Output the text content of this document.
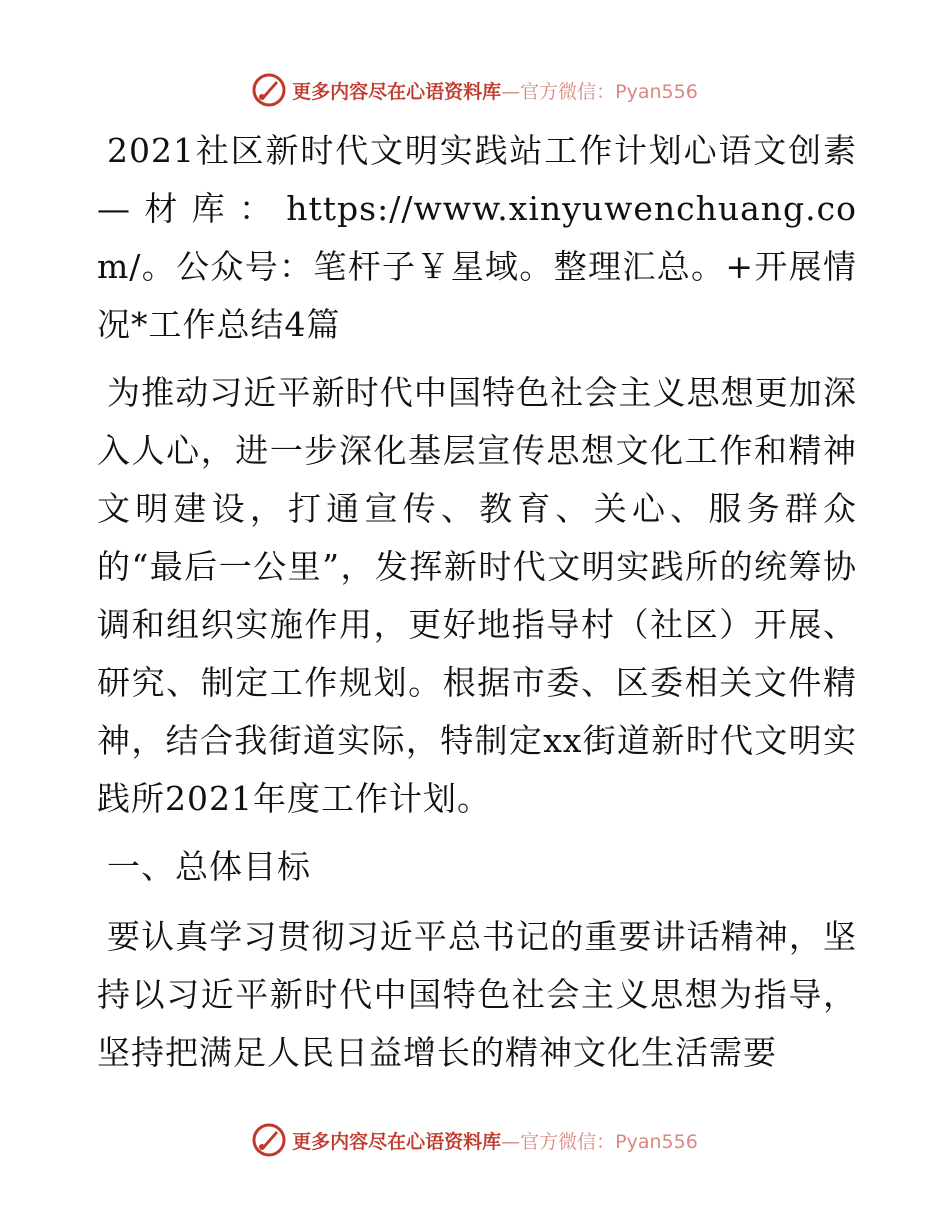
更多内容尽在心语资料库—官方微信：Pyan556

2021社区新时代文明实践站工作计划心语文创素—材库：https://www.xinyuwenchuang.com/。公众号：笔杆子￥星域。整理汇总。+开展情况*工作总结4篇

为推动习近平新时代中国特色社会主义思想更加深入人心，进一步深化基层宣传思想文化工作和精神文明建设，打通宣传、教育、关心、服务群众的“最后一公里”，发挥新时代文明实践所的统筹协调和组织实施作用，更好地指导村（社区）开展、研究、制定工作规划。根据市委、区委相关文件精神，结合我街道实际，特制定xx街道新时代文明实践所2021年度工作计划。

一、总体目标

要认真学习贯彻习近平总书记的重要讲话精神，坚持以习近平新时代中国特色社会主义思想为指导，坚持把满足人民日益增长的精神文化生活需要

更多内容尽在心语资料库—官方微信：Pyan556
